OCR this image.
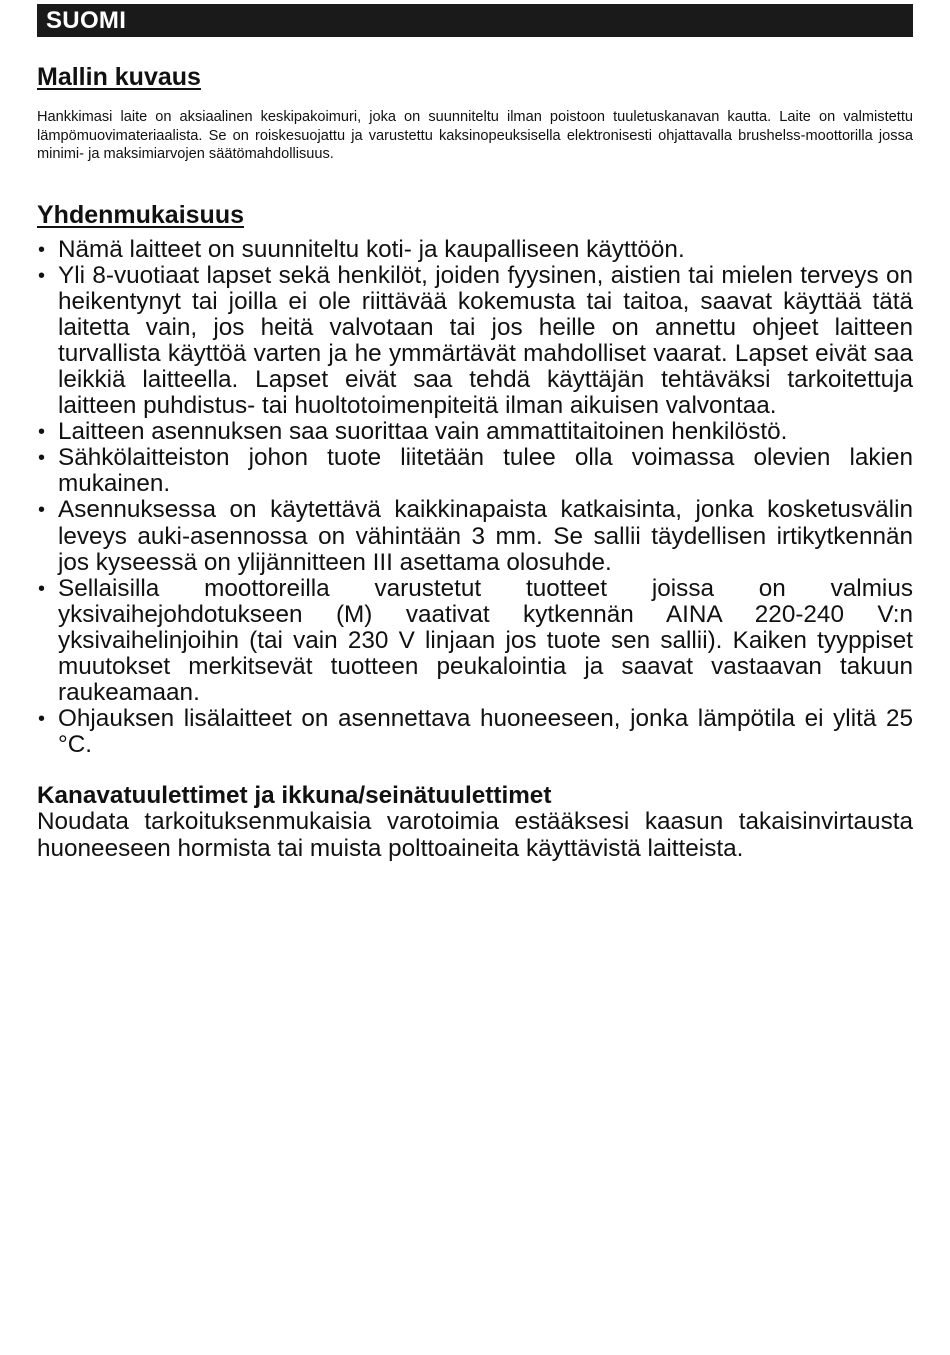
SUOMI
Mallin kuvaus

Hankkimasi laite on aksiaalinen keskipakoimuri, joka on suunniteltu ilman poistoon tuuletuskanavan kautta. Laite on valmistettu lämpömuovimateriaalista. Se on roiskesuojattu ja varustettu kaksinopeuksisella elektronisesti ohjattavalla brushelss-moottorilla jossa minimi- ja maksimiarvojen säätömahdollisuus.

Yhdenmukaisuus
• Nämä laitteet on suunniteltu koti- ja kaupalliseen käyttöön.
• Yli 8-vuotiaat lapset sekä henkilöt, joiden fyysinen, aistien tai mielen terveys on heikentynyt tai joilla ei ole riittävää kokemusta tai taitoa, saavat käyttää tätä laitetta vain, jos heitä valvotaan tai jos heille on annettu ohjeet laitteen turvallista käyttöä varten ja he ymmärtävät mahdolliset vaarat. Lapset eivät saa leikkiä laitteella. Lapset eivät saa tehdä käyttäjän tehtäväksi tarkoitettuja laitteen puhdistus- tai huoltotoimenpiteitä ilman aikuisen valvontaa.
• Laitteen asennuksen saa suorittaa vain ammattitaitoinen henkilöstö.
• Sähkölaitteiston johon tuote liitetään tulee olla voimassa olevien lakien mukainen.
• Asennuksessa on käytettävä kaikkinapaista katkaisinta, jonka kosketusvälin leveys auki-asennossa on vähintään 3 mm. Se sallii täydellisen irtikytkennän jos kyseessä on ylijännitteen III asettama olosuhde.
• Sellaisilla moottoreilla varustetut tuotteet joissa on valmius yksivaihejohdotukseen (M) vaativat kytkennän AINA 220-240 V:n yksivaihelinjoihin (tai vain 230 V linjaan jos tuote sen sallii). Kaiken tyyppiset muutokset merkitsevät tuotteen peukalointia ja saavat vastaavan takuun raukeamaan.
• Ohjauksen lisälaitteet on asennettava huoneeseen, jonka lämpötila ei ylitä 25 °C.
Kanavatuulettimet ja ikkuna/seinätuulettimet

Noudata tarkoituksenmukaisia varotoimia estääksesi kaasun takaisinvirtausta huoneeseen hormista tai muista polttoaineita käyttävistä laitteista.
